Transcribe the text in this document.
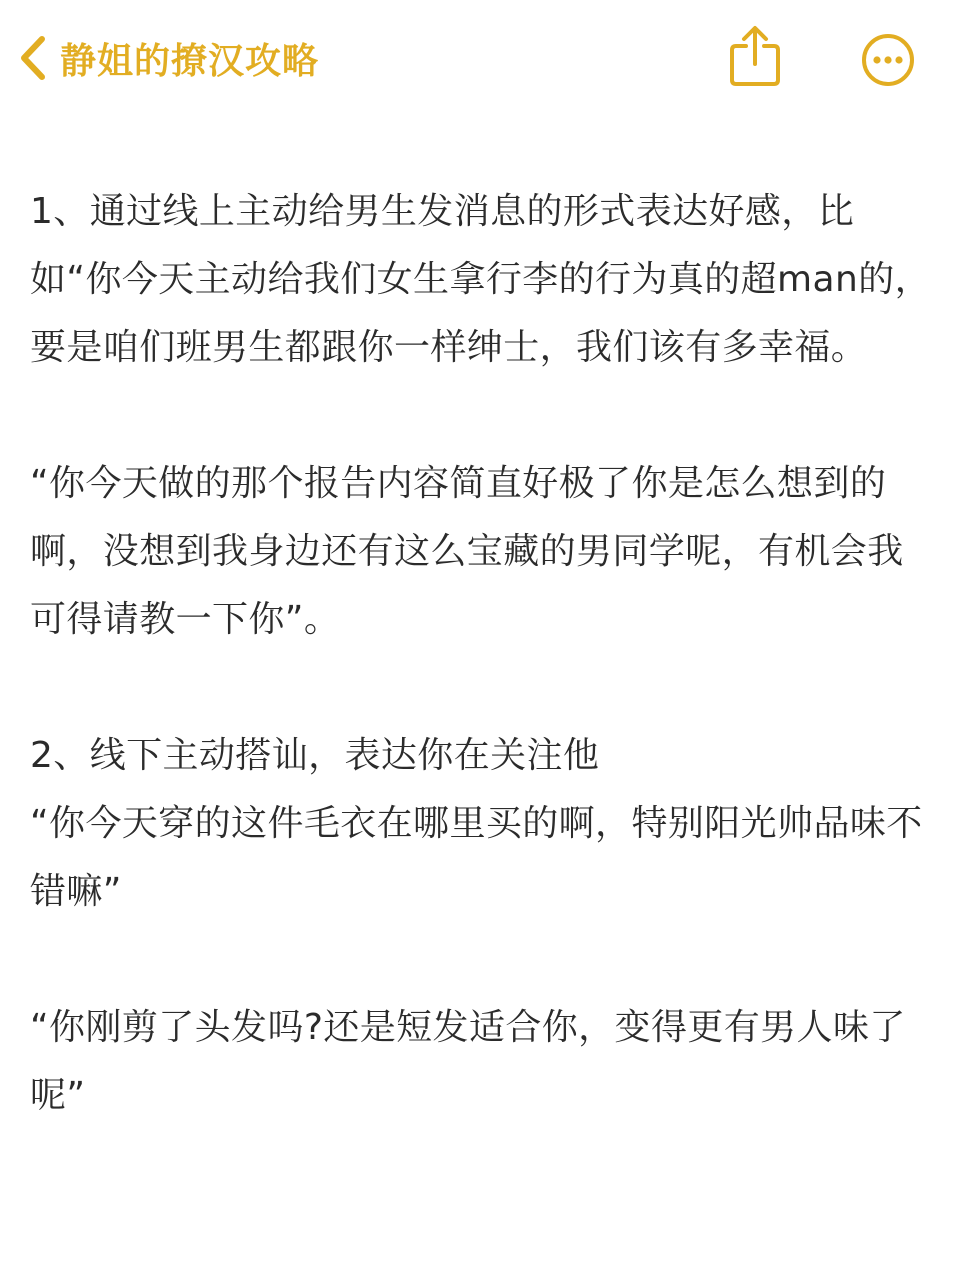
静姐的撩汉攻略

1、通过线上主动给男生发消息的形式表达好感，比如“你今天主动给我们女生拿行李的行为真的超man的，要是咱们班男生都跟你一样绅士，我们该有多幸福。

“你今天做的那个报告内容简直好极了你是怎么想到的啊，没想到我身边还有这么宝藏的男同学呢，有机会我可得请教一下你”。

2、线下主动搭讪，表达你在关注他

“你今天穿的这件毛衣在哪里买的啊，特别阳光帅品味不错嘛”

“你刚剪了头发吗?还是短发适合你，变得更有男人味了呢”
